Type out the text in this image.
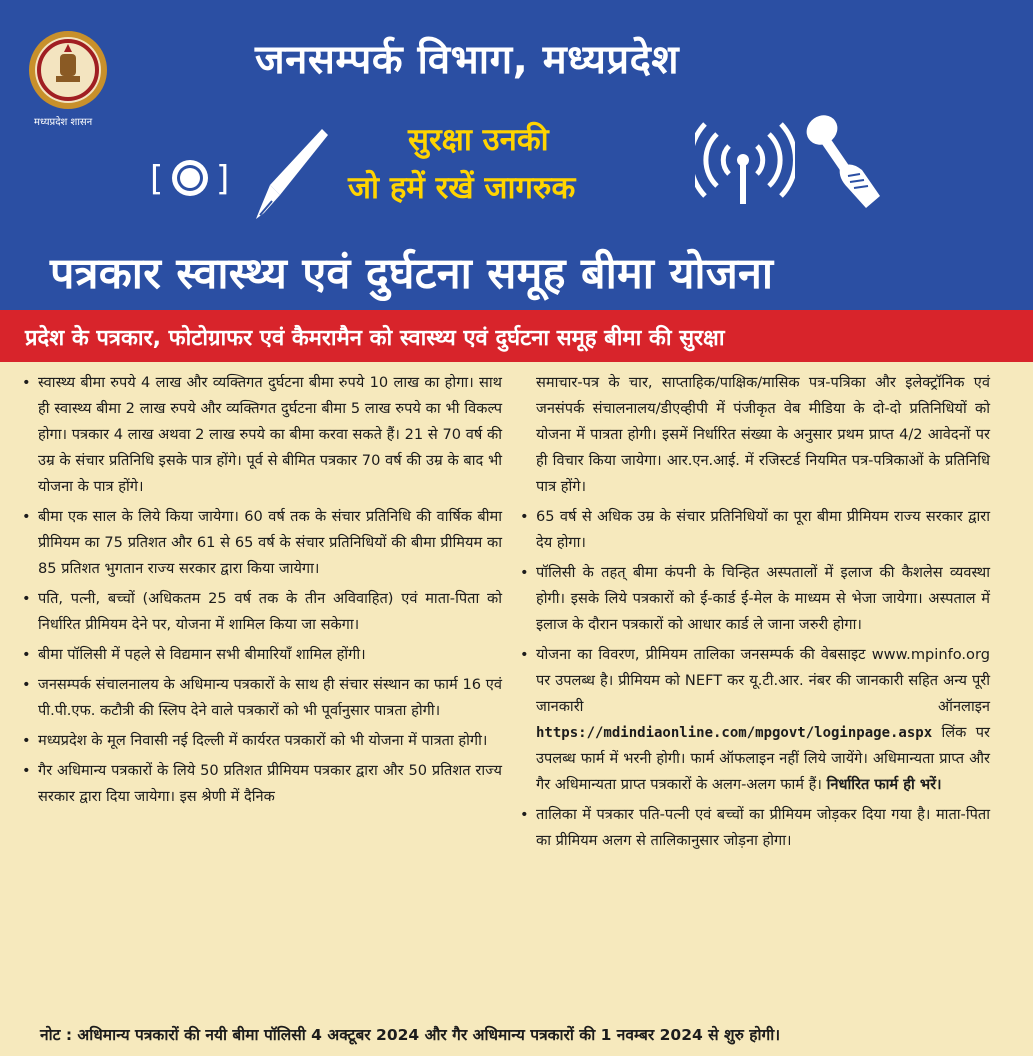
मध्यप्रदेश शासन
जनसम्पर्क विभाग, मध्यप्रदेश
[ ]
सुरक्षा उनकी
जो हमें रखें जागरुक
पत्रकार स्वास्थ्य एवं दुर्घटना समूह बीमा योजना
प्रदेश के पत्रकार, फोटोग्राफर एवं कैमरामैन को स्वास्थ्य एवं दुर्घटना समूह बीमा की सुरक्षा
• स्वास्थ्य बीमा रुपये 4 लाख और व्यक्तिगत दुर्घटना बीमा रुपये 10 लाख का होगा। साथ ही स्वास्थ्य बीमा 2 लाख रुपये और व्यक्तिगत दुर्घटना बीमा 5 लाख रुपये का भी विकल्प होगा। पत्रकार 4 लाख अथवा 2 लाख रुपये का बीमा करवा सकते हैं। 21 से 70 वर्ष की उम्र के संचार प्रतिनिधि इसके पात्र होंगे। पूर्व से बीमित पत्रकार 70 वर्ष की उम्र के बाद भी योजना के पात्र होंगे।
• बीमा एक साल के लिये किया जायेगा। 60 वर्ष तक के संचार प्रतिनिधि की वार्षिक बीमा प्रीमियम का 75 प्रतिशत और 61 से 65 वर्ष के संचार प्रतिनिधियों की बीमा प्रीमियम का 85 प्रतिशत भुगतान राज्य सरकार द्वारा किया जायेगा।
• पति, पत्नी, बच्चों (अधिकतम 25 वर्ष तक के तीन अविवाहित) एवं माता-पिता को निर्धारित प्रीमियम देने पर, योजना में शामिल किया जा सकेगा।
• बीमा पॉलिसी में पहले से विद्यमान सभी बीमारियाँ शामिल होंगी।
• जनसम्पर्क संचालनालय के अधिमान्य पत्रकारों के साथ ही संचार संस्थान का फार्म 16 एवं पी.पी.एफ. कटौत्री की स्लिप देने वाले पत्रकारों को भी पूर्वानुसार पात्रता होगी।
• मध्यप्रदेश के मूल निवासी नई दिल्ली में कार्यरत पत्रकारों को भी योजना में पात्रता होगी।
• गैर अधिमान्य पत्रकारों के लिये 50 प्रतिशत प्रीमियम पत्रकार द्वारा और 50 प्रतिशत राज्य सरकार द्वारा दिया जायेगा। इस श्रेणी में दैनिक
समाचार-पत्र के चार, साप्ताहिक/पाक्षिक/मासिक पत्र-पत्रिका और इलेक्ट्रॉनिक एवं जनसंपर्क संचालनालय/डीएव्हीपी में पंजीकृत वेब मीडिया के दो-दो प्रतिनिधियों को योजना में पात्रता होगी। इसमें निर्धारित संख्या के अनुसार प्रथम प्राप्त 4/2 आवेदनों पर ही विचार किया जायेगा। आर.एन.आई. में रजिस्टर्ड नियमित पत्र-पत्रिकाओं के प्रतिनिधि पात्र होंगे।
• 65 वर्ष से अधिक उम्र के संचार प्रतिनिधियों का पूरा बीमा प्रीमियम राज्य सरकार द्वारा देय होगा।
• पॉलिसी के तहत् बीमा कंपनी के चिन्हित अस्पतालों में इलाज की कैशलेस व्यवस्था होगी। इसके लिये पत्रकारों को ई-कार्ड ई-मेल के माध्यम से भेजा जायेगा। अस्पताल में इलाज के दौरान पत्रकारों को आधार कार्ड ले जाना जरुरी होगा।
• योजना का विवरण, प्रीमियम तालिका जनसम्पर्क की वेबसाइट www.mpinfo.org पर उपलब्ध है। प्रीमियम को NEFT कर यू.टी.आर. नंबर की जानकारी सहित अन्य पूरी जानकारी ऑनलाइन https://mdindiaonline.com/mpgovt/loginpage.aspx लिंक पर उपलब्ध फार्म में भरनी होगी। फार्म ऑफलाइन नहीं लिये जायेंगे। अधिमान्यता प्राप्त और गैर अधिमान्यता प्राप्त पत्रकारों के अलग-अलग फार्म हैं। निर्धारित फार्म ही भरें।
• तालिका में पत्रकार पति-पत्नी एवं बच्चों का प्रीमियम जोड़कर दिया गया है। माता-पिता का प्रीमियम अलग से तालिकानुसार जोड़ना होगा।
नोट : अधिमान्य पत्रकारों की नयी बीमा पॉलिसी 4 अक्टूबर 2024 और गैर अधिमान्य पत्रकारों की 1 नवम्बर 2024 से शुरु होगी।
